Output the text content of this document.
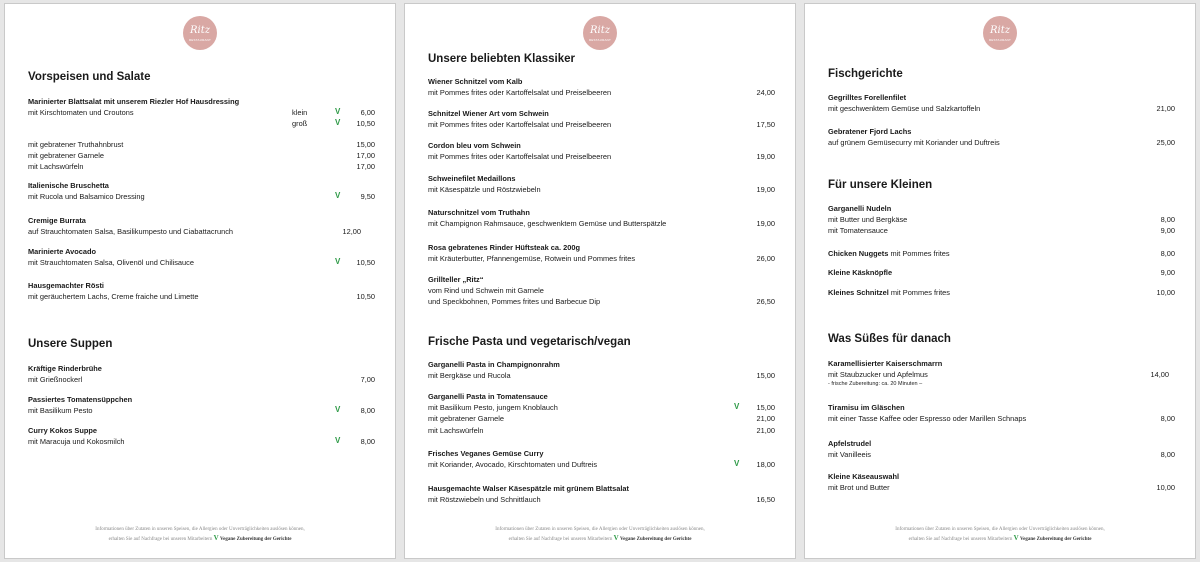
Ritz
RESTAURANT
Vorspeisen und Salate
Marinierter Blattsalat mit unserem Riezler Hof Hausdressing
mit Kirschtomaten und Croutons	klein	V	6,00
groß	V 10,50
mit gebratener Truthahnbrust	15,00
mit gebratener Garnele	17,00
mit Lachswürfeln	17,00
Italienische Bruschetta
mit Rucola und Balsamico Dressing	V	9,50
Cremige Burrata
auf Strauchtomaten Salsa, Basilikumpesto und Ciabattacrunch	12,00
Marinierte Avocado
mit Strauchtomaten Salsa, Olivenöl und Chilisauce	V 10,50
Hausgemachter Rösti
mit geräuchertem Lachs, Creme fraiche und Limette	10,50
Unsere Suppen
Kräftige Rinderbrühe
mit Grießnockerl	7,00
Passiertes Tomatensüppchen
mit Basilikum Pesto	V	8,00
Curry Kokos Suppe
mit Maracuja und Kokosmilch	V	8,00
Informationen über Zutaten in unseren Speisen, die Allergien oder Unverträglichkeiten auslösen können,
erhalten Sie auf Nachfrage bei unseren Mitarbeitern V Vegane Zubereitung der Gerichte
Ritz
RESTAURANT
Unsere beliebten Klassiker
Wiener Schnitzel vom Kalb
mit Pommes frites oder Kartoffelsalat und Preiselbeeren	24,00
Schnitzel Wiener Art vom Schwein
mit Pommes frites oder Kartoffelsalat und Preiselbeeren	17,50
Cordon bleu vom Schwein
mit Pommes frites oder Kartoffelsalat und Preiselbeeren	19,00
Schweinefilet Medaillons
mit Käsespätzle und Röstzwiebeln	19,00
Naturschnitzel vom Truthahn
mit Champignon Rahmsauce, geschwenktem Gemüse und Butterspätzle	19,00
Rosa gebratenes Rinder Hüftsteak ca. 200g
mit Kräuterbutter, Pfannengemüse, Rotwein und Pommes frites	26,00
Grillteller „Ritz“
vom Rind und Schwein mit Garnele
und Speckbohnen, Pommes frites und Barbecue Dip	26,50
Frische Pasta und vegetarisch/vegan
Garganelli Pasta in Champignonrahm
mit Bergkäse und Rucola	15,00
Garganelli Pasta in Tomatensauce
mit Basilikum Pesto, jungem Knoblauch	V 15,00
mit gebratener Garnele	21,00
mit Lachswürfeln	21,00
Frisches Veganes Gemüse Curry
mit Koriander, Avocado, Kirschtomaten und Duftreis	V 18,00
Hausgemachte Walser Käsespätzle mit grünem Blattsalat
mit Röstzwiebeln und Schnittlauch	16,50
Informationen über Zutaten in unseren Speisen, die Allergien oder Unverträglichkeiten auslösen können,
erhalten Sie auf Nachfrage bei unseren Mitarbeitern V Vegane Zubereitung der Gerichte
Ritz
RESTAURANT
Fischgerichte
Gegrilltes Forellenfilet
mit geschwenktem Gemüse und Salzkartoffeln	21,00
Gebratener Fjord Lachs
auf grünem Gemüsecurry mit Koriander und Duftreis	25,00
Für unsere Kleinen
Garganelli Nudeln
mit Butter und Bergkäse	8,00
mit Tomatensauce	9,00
Chicken Nuggets mit Pommes frites	8,00
Kleine Käsknöpfle	9,00
Kleines Schnitzel mit Pommes frites	10,00
Was Süßes für danach
Karamellisierter Kaiserschmarrn
mit Staubzucker und Apfelmus	14,00
- frische Zubereitung: ca. 20 Minuten –
Tiramisu im Gläschen
mit einer Tasse Kaffee oder Espresso oder Marillen Schnaps	8,00
Apfelstrudel
mit Vanilleeis	8,00
Kleine Käseauswahl
mit Brot und Butter	10,00
Informationen über Zutaten in unseren Speisen, die Allergien oder Unverträglichkeiten auslösen können,
erhalten Sie auf Nachfrage bei unseren Mitarbeitern V Vegane Zubereitung der Gerichte
